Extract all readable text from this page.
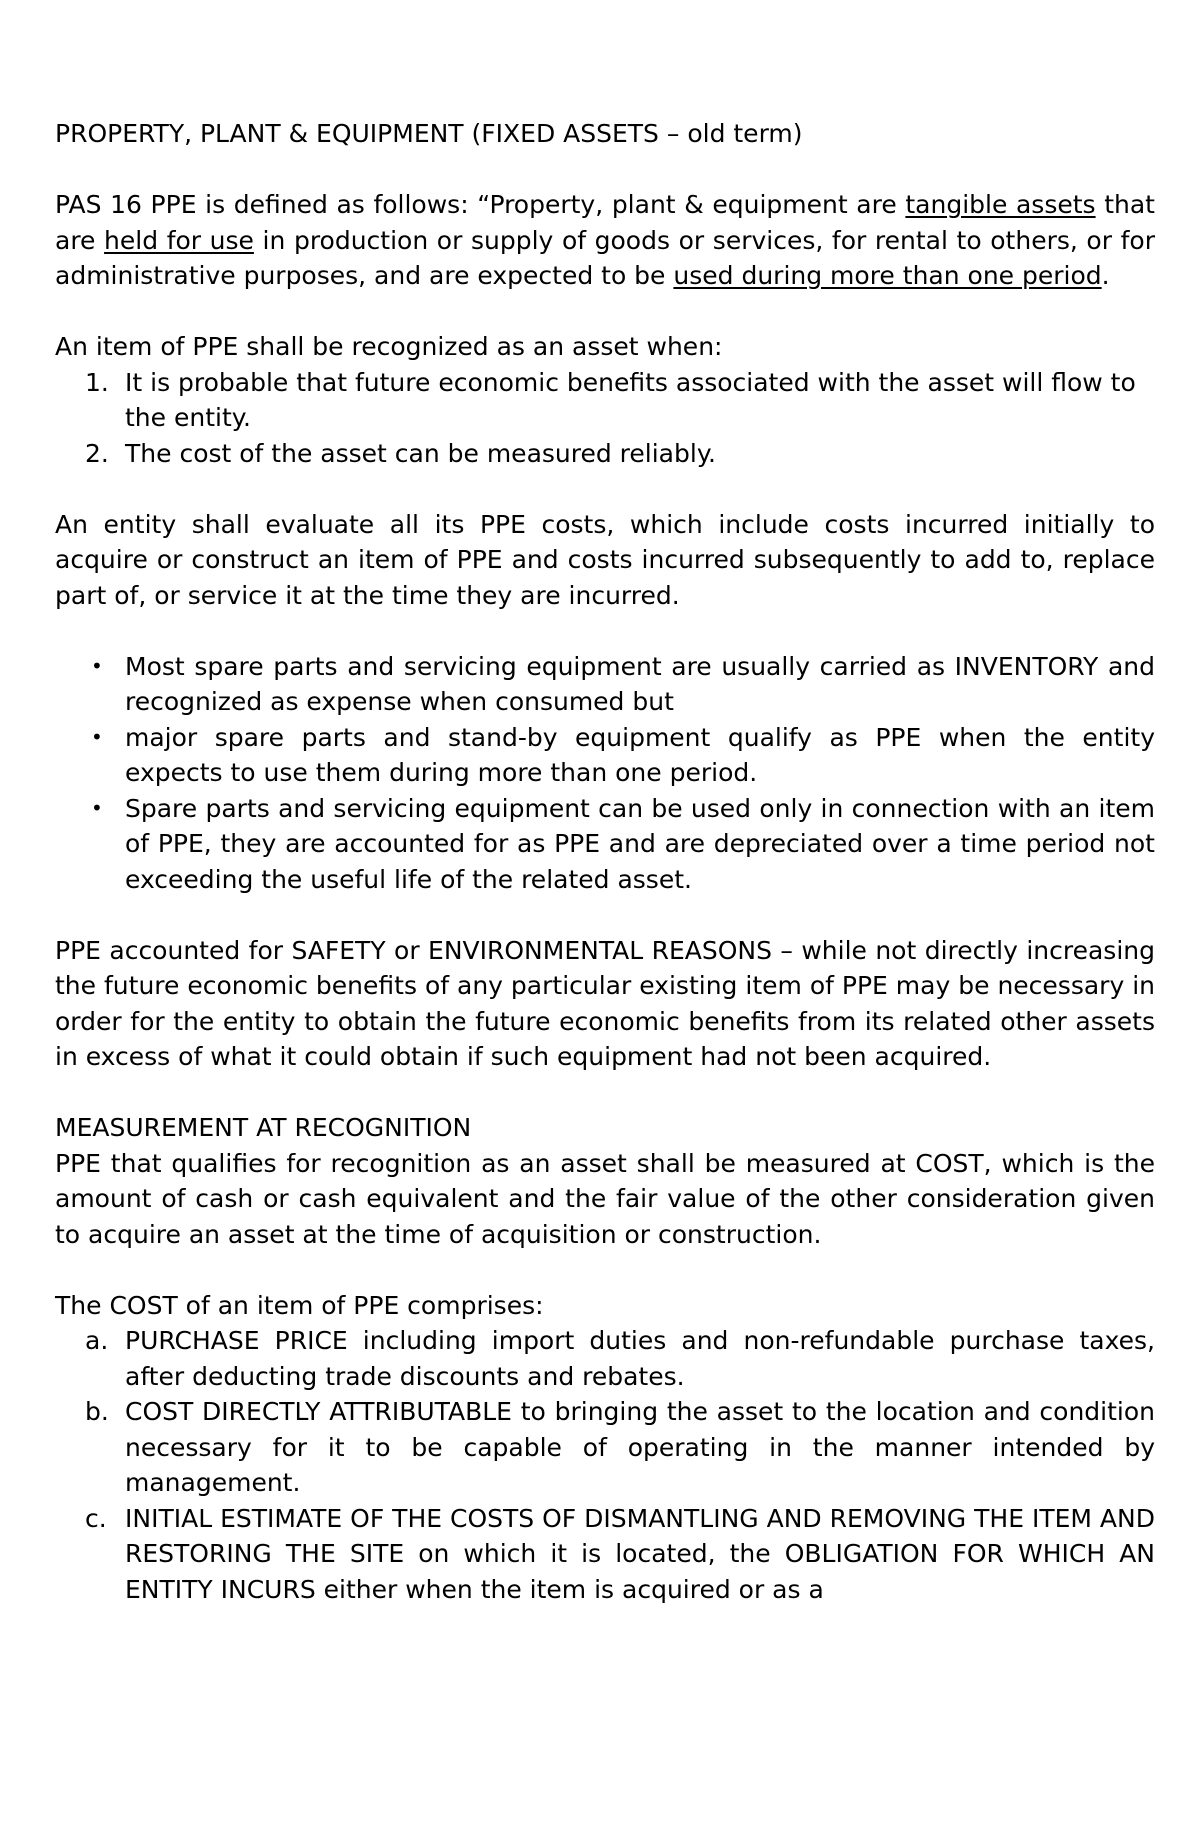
PROPERTY, PLANT & EQUIPMENT (FIXED ASSETS – old term)

PAS 16 PPE is defined as follows: “Property, plant & equipment are tangible assets that are held for use in production or supply of goods or services, for rental to others, or for administrative purposes, and are expected to be used during more than one period.

An item of PPE shall be recognized as an asset when:

1. It is probable that future economic benefits associated with the asset will flow to the entity.
2. The cost of the asset can be measured reliably.

An entity shall evaluate all its PPE costs, which include costs incurred initially to acquire or construct an item of PPE and costs incurred subsequently to add to, replace part of, or service it at the time they are incurred.

• Most spare parts and servicing equipment are usually carried as INVENTORY and recognized as expense when consumed but
• major spare parts and stand-by equipment qualify as PPE when the entity expects to use them during more than one period.
• Spare parts and servicing equipment can be used only in connection with an item of PPE, they are accounted for as PPE and are depreciated over a time period not exceeding the useful life of the related asset.

PPE accounted for SAFETY or ENVIRONMENTAL REASONS – while not directly increasing the future economic benefits of any particular existing item of PPE may be necessary in order for the entity to obtain the future economic benefits from its related other assets in excess of what it could obtain if such equipment had not been acquired.

MEASUREMENT AT RECOGNITION

PPE that qualifies for recognition as an asset shall be measured at COST, which is the amount of cash or cash equivalent and the fair value of the other consideration given to acquire an asset at the time of acquisition or construction.

The COST of an item of PPE comprises:

a. PURCHASE PRICE including import duties and non-refundable purchase taxes, after deducting trade discounts and rebates.
b. COST DIRECTLY ATTRIBUTABLE to bringing the asset to the location and condition necessary for it to be capable of operating in the manner intended by management.
c. INITIAL ESTIMATE OF THE COSTS OF DISMANTLING AND REMOVING THE ITEM AND RESTORING THE SITE on which it is located, the OBLIGATION FOR WHICH AN ENTITY INCURS either when the item is acquired or as a
